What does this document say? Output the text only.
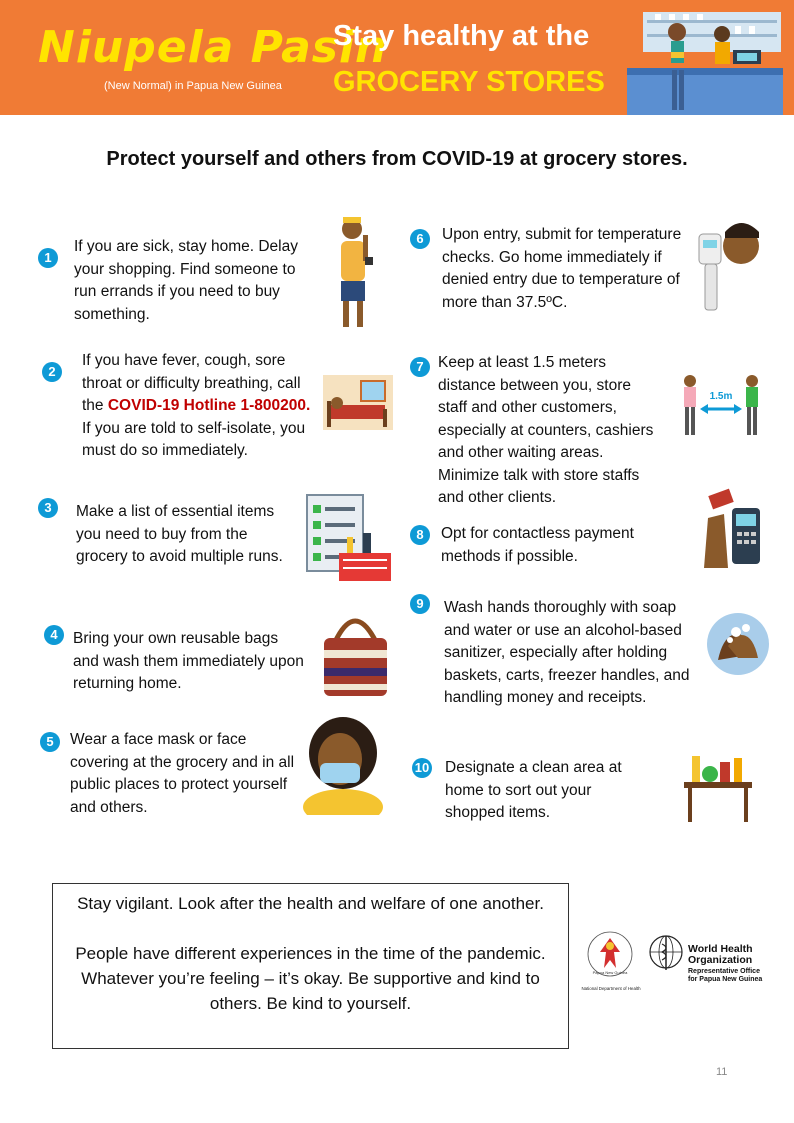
Niupela Pasin
(New Normal) in Papua New Guinea
Stay healthy at the
GROCERY STORES
Protect yourself and others from COVID-19 at grocery stores.
1
If you are sick, stay home. Delay your shopping. Find someone to run errands if you need to buy something.
2
If you have fever, cough, sore throat or difficulty breathing, call the COVID-19 Hotline 1-800200. If you are told to self-isolate, you must do so immediately.
3	Make a list of essential items you need to buy from the grocery to avoid multiple runs.
4 Bring your own reusable bags and wash them immediately upon returning home.
5	Wear a face mask or face covering at the grocery and in all public places to protect yourself and others.
6	Upon entry, submit for temperature checks. Go home immediately if denied entry due to temperature of more than 37.5ºC.
7 Keep at least 1.5 meters distance between you, store staff and other customers, especially at counters, cashiers and other waiting areas. Minimize talk with store staffs and other clients.
1.5m
8	Opt for contactless payment methods if possible.
9	Wash hands thoroughly with soap and water or use an alcohol-based sanitizer, especially after holding baskets, carts, freezer handles, and handling money and receipts.
10 Designate a clean area at home to sort out your shopped items.

Stay vigilant. Look after the health and welfare of one another.

People have different experiences in the time of the pandemic. Whatever you’re feeling – it’s okay. Be supportive and kind to others. Be kind to yourself.

Papua New Guinea
National Department of Health
World Health
Organization
Representative Office
for Papua New Guinea
11
